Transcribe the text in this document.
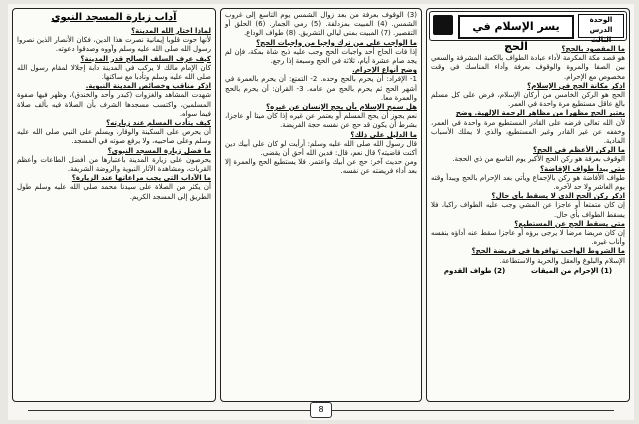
الوحدة الدرس الثالث
يسر الإسلام في الحج	ما المقصود بالحج؟

هو قصد مكة المكرمة لأداء عبادة الطواف بالكعبة المشرفة والسعي بين الصفا والمروة والوقوف بعرفة وأداء المناسك في وقت مخصوص مع الإحرام.

اذكر مكانة الحج في الإسلام؟

الحج هو الركن الخامس من أركان الإسلام، فرض على كل مسلم بالغ عاقل مستطيع مرة واحدة في العمر.

يعتبر الحج مظهرا من مظاهر الرحمة الإلهية. وضح

لأن الله تعالى فرضه على القادر المستطيع مرة واحدة في العمر، وخففه عن غير القادر وغير المستطيع، والذي لا يملك الأسباب المادية.

ما الركن الأعظم في الحج؟

الوقوف بعرفة هو ركن الحج الأكبر يوم التاسع من ذي الحجة.

متى يبدأ طواف الإفاضة؟

طواف الأفاضة هو ركن بالإجماع ويأتي بعد الإحرام بالحج ويبدأ وقته يوم العاشر ولا حد لآخره.

اذكر ركن الحج الذي لا يسقط بأي حال؟

إن كان متمتعا أو عاجزا عن المشي وجب عليه الطواف راكبا، فلا يسقط الطواف بأي حال.

متى يسقط الحج عن المستطيع؟

إن كان مريضا مرضا لا يرجى برؤه أو عاجزا سقط عنه أداؤه بنفسه وأناب غيره.

ما الشروط الواجب توافرها في فريضة الحج؟

الإسلام والبلوغ والعقل والحرية والاستطاعة.

(1) الإحرام من الميقات
(2) طواف القدوم

(3) الوقوف بعرفة من بعد زوال الشمس يوم التاسع إلى غروب الشمس. (4) المبيت بمزدلفة. (5) رمي الجمار. (6) الحلق أو التقصير. (7) المبيت بمنى ليالي التشريق. (8) طواف الوداع.

ما الواجب على من ترك واجبا من واجبات الحج؟

إذا فات الحاج أحد واجبات الحج وجب عليه ذبح شاة بمكة، فإن لم يجد صام عشرة أيام، ثلاثة في الحج وسبعة إذا رجع.

وضح أنواع الإحرام.

1- الإفراد: أن يحرم بالحج وحده. 2- التمتع: أن يحرم بالعمرة في أشهر الحج ثم يحرم بالحج من عامه. 3- القران: أن يحرم بالحج والعمرة معا.

هل سمح الإسلام بأن يحج الإنسان عن غيره؟

نعم يجوز أن يحج المسلم أو يعتمر عن غيره إذا كان ميتا أو عاجزا، بشرط أن يكون قد حج عن نفسه حجة الفريضة.

ما الدليل على ذلك؟

قال رسول الله صلى الله عليه وسلم: أرأيت لو كان على أبيك دين أكنت قاضيته؟ قال نعم، قال: فدين الله أحق أن يقضى.

ومن حديث آخر: حج عن أبيك واعتمر. فلا يستطيع الحج والعمرة إلا بعد أداء فريضته عن نفسه.

آداب زيارة المسجد النبوي

لماذا اختار الله المدينة؟

لأنها حوت قلوبا إيمانية نصرت هذا الدين، فكان الأنصار الذين نصروا رسول الله صلى الله عليه وسلم وآووه وصدقوا دعوته.

كيف عرف السلف الصالح قدر المدينة؟

كان الإمام مالك لا يركب في المدينة دابة إجلالا لمقام رسول الله صلى الله عليه وسلم وتأدبا مع ساكنها.

اذكر مناقب وخصائص المدينة النبوية.

شهدت المشاهد والغزوات (كبدر وأحد والخندق)، وظهر فيها صفوة المسلمين، واكتسب مسجدها الشرف بأن الصلاة فيه بألف صلاة فيما سواه.

كيف يتأدب المسلم عند زيارته؟

أن يحرص على السكينة والوقار، ويسلم على النبي صلى الله عليه وسلم وعلى صاحبيه، ولا يرفع صوته في المسجد.

ما فضل زيارة المسجد النبوي؟

يحرصون على زيارة المدينة باعتبارها من أفضل الطاعات وأعظم القربات، ومشاهدة الآثار النبوية والروضة الشريفة.

ما الآداب التي يجب مراعاتها عند الزيارة؟

أن يكثر من الصلاة على سيدنا محمد صلى الله عليه وسلم طول الطريق إلى المسجد الكريم.

8
